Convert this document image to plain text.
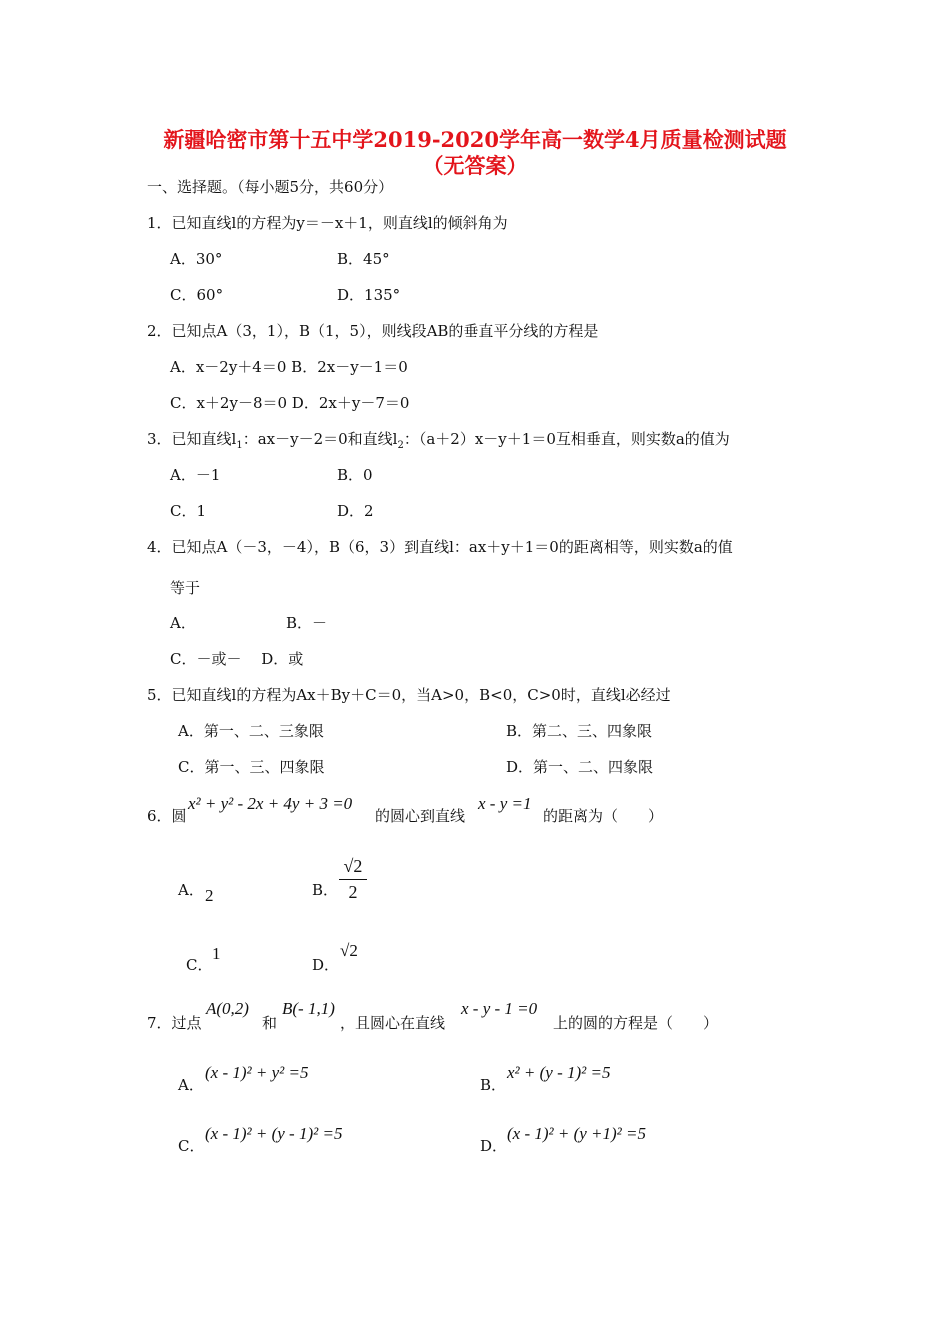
新疆哈密市第十五中学2019-2020学年高一数学4月质量检测试题
（无答案）
一、选择题。（每小题5分，共60分）
1．已知直线l的方程为y＝－x＋1，则直线l的倾斜角为
A．30°	B．45°
C．60°	D．135°
2．已知点A（3，1），B（1，5），则线段AB的垂直平分线的方程是
A．x－2y＋4＝0 B．2x－y－1＝0
C．x＋2y－8＝0 D．2x＋y－7＝0
3．已知直线$l_1$：ax－y－2＝0和直线$l_2$：（a＋2）x－y＋1＝0互相垂直，则实数a的值为
A．－1	B．0
C．1	D．2
4．已知点A（－3，－4），B（6，3）到直线l：ax＋y＋1＝0的距离相等，则实数a的值
等于
A．	B．－
C．－或－　 D．或
5．已知直线l的方程为Ax＋By＋C＝0，当A>0，B<0，C>0时，直线l必经过
A．第一、二、三象限	B．第二、三、四象限
C．第一、三、四象限	D．第一、二、四象限
6．圆
x² + y² - 2x + 4y + 3 =0
的圆心到直线
x - y =1
的距离为（　　）
A． 2	B．
√2
2
C．
1
D．
√2
7．过点
A(0,2)
和
B(- 1,1)
，且圆心在直线
x - y - 1 =0
上的圆的方程是（　　）
A．
(x - 1)² + y² =5
B．
x² + (y - 1)² =5
C．
(x - 1)² + (y - 1)² =5
D．
(x - 1)² + (y +1)² =5
